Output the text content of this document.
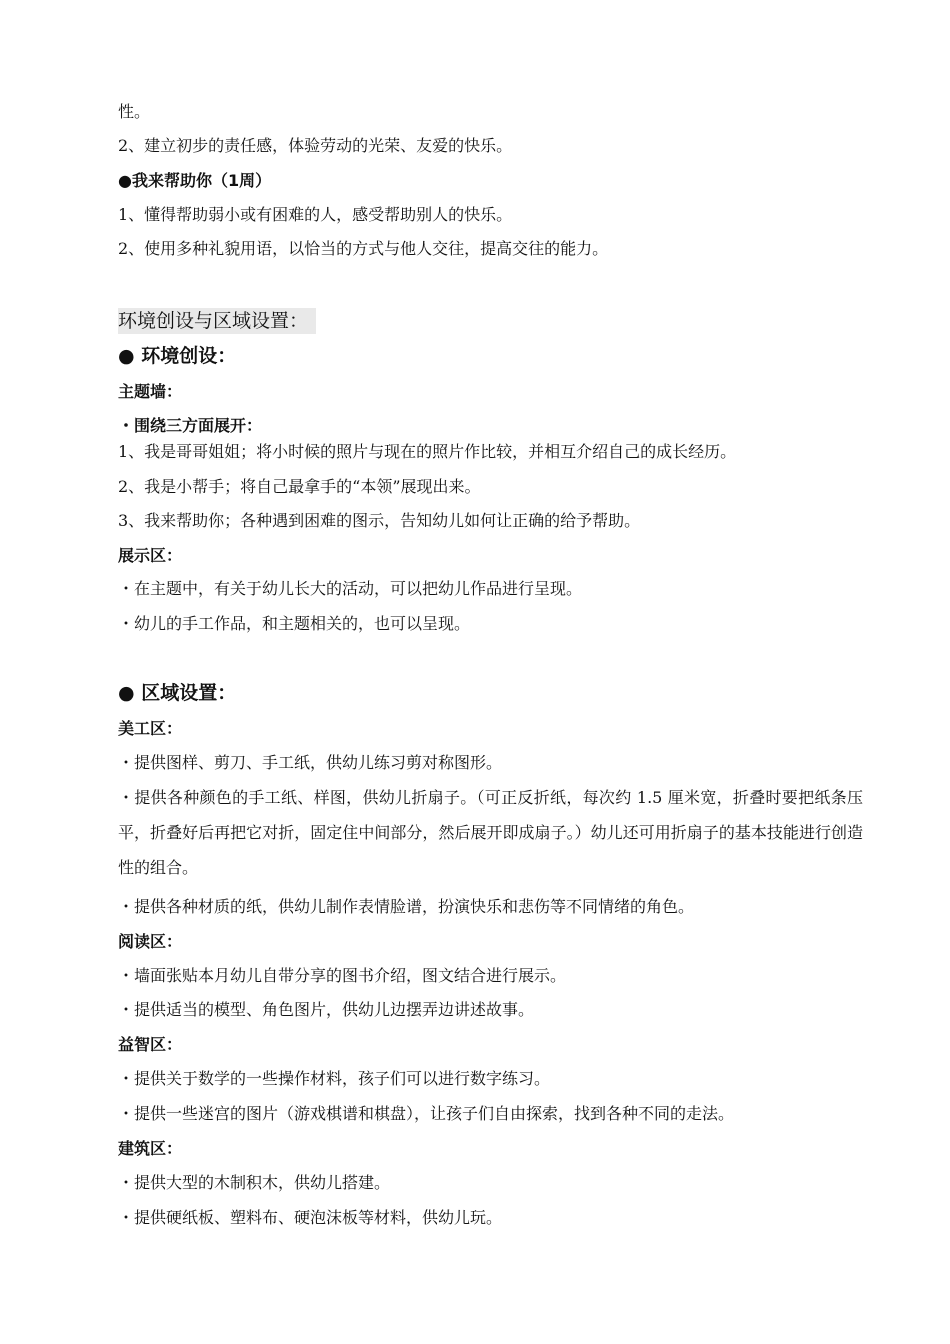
性。
2、建立初步的责任感，体验劳动的光荣、友爱的快乐。
●我来帮助你（1周）
1、懂得帮助弱小或有困难的人，感受帮助别人的快乐。
2、使用多种礼貌用语，以恰当的方式与他人交往，提高交往的能力。
环境创设与区域设置：
● 环境创设：
主题墙：
・围绕三方面展开：
1、我是哥哥姐姐；将小时候的照片与现在的照片作比较，并相互介绍自己的成长经历。
2、我是小帮手；将自己最拿手的“本领”展现出来。
3、我来帮助你；各种遇到困难的图示，告知幼儿如何让正确的给予帮助。
展示区：
・在主题中，有关于幼儿长大的活动，可以把幼儿作品进行呈现。
・幼儿的手工作品，和主题相关的，也可以呈现。
● 区域设置：
美工区：
・提供图样、剪刀、手工纸，供幼儿练习剪对称图形。
・提供各种颜色的手工纸、样图，供幼儿折扇子。（可正反折纸，每次约 1.5 厘米宽，折叠时要把纸条压平，折叠好后再把它对折，固定住中间部分，然后展开即成扇子。）幼儿还可用折扇子的基本技能进行创造性的组合。
・提供各种材质的纸，供幼儿制作表情脸谱，扮演快乐和悲伤等不同情绪的角色。
阅读区：
・墙面张贴本月幼儿自带分享的图书介绍，图文结合进行展示。
・提供适当的模型、角色图片，供幼儿边摆弄边讲述故事。
益智区：
・提供关于数学的一些操作材料，孩子们可以进行数字练习。
・提供一些迷宫的图片（游戏棋谱和棋盘），让孩子们自由探索，找到各种不同的走法。
建筑区：
・提供大型的木制积木，供幼儿搭建。
・提供硬纸板、塑料布、硬泡沫板等材料，供幼儿玩。
